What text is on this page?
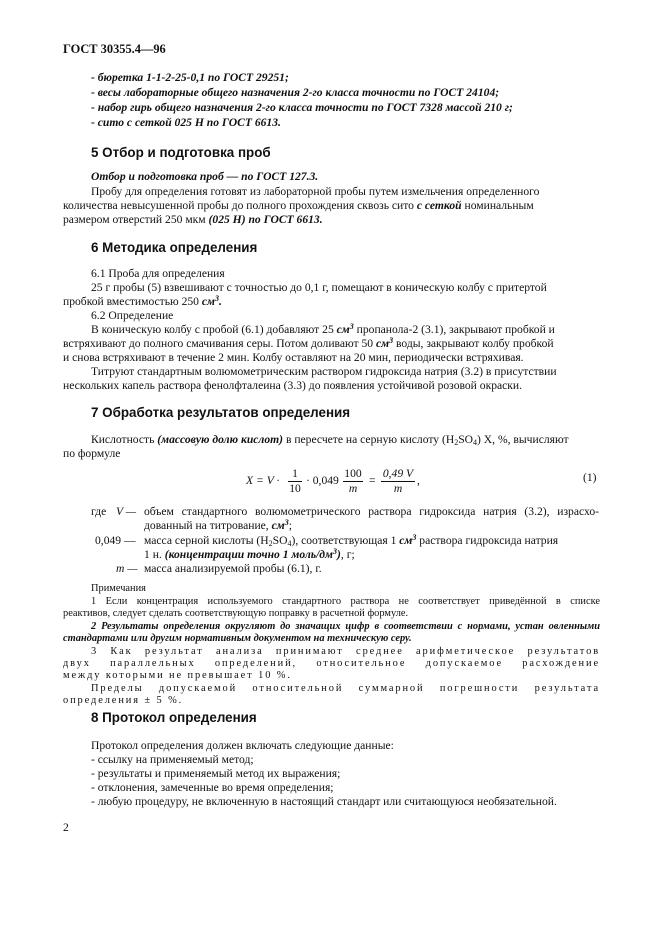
ГОСТ 30355.4—96
- бюретка 1-1-2-25-0,1 по ГОСТ 29251;
- весы лабораторные общего назначения 2-го класса точности по ГОСТ 24104;
- набор гирь общего назначения 2-го класса точности по ГОСТ 7328 массой 210 г;
- сито с сеткой 025 Н по ГОСТ 6613.
5 Отбор и подготовка проб
Отбор и подготовка проб — по ГОСТ 127.3.
Пробу для определения готовят из лабораторной пробы путем измельчения определенного
количества невысушенной пробы до полного прохождения сквозь сито с сеткой номинальным
размером отверстий 250 мкм (025 Н) по ГОСТ 6613.
6 Методика определения
6.1 Проба для определения
25 г пробы (5) взвешивают с точностью до 0,1 г, помещают в коническую колбу с притертой
пробкой вместимостью 250 $см^3$.
6.2 Определение
В коническую колбу с пробой (6.1) добавляют 25 $см^3$ пропанола-2 (3.1), закрывают пробкой и
встряхивают до полного смачивания серы. Потом доливают 50 $см^3$ воды, закрывают колбу пробкой
и снова встряхивают в течение 2 мин. Колбу оставляют на 20 мин, периодически встряхивая.
Титруют стандартным волюмометрическим раствором гидроксида натрия (3.2) в присутствии
нескольких капель раствора фенолфталеина (3.3) до появления устойчивой розовой окраски.
7 Обработка результатов определения
Кислотность (массовую долю кислот) в пересчете на серную кислоту $(H_2SO_4)$ X, %, вычисляют
по формуле
X = V ·
1
10
· 0,049
100
m
=
0,49 V
m
,	(1)
где V — объем стандартного волюмометрического раствора гидроксида натрия (3.2), израсхо-
дованный на титрование, $см^3$;
0,049 — масса серной кислоты $(H_2SO_4)$, соответствующая 1 $см^3$ раствора гидроксида натрия
1 н. (концентрации точно 1 моль/$дм^3$), г;
m — масса анализируемой пробы (6.1), г.
Примечания
1 Если концентрация используемого стандартного раствора не соответствует приведённой в списке
реактивов, следует сделать соответствующую поправку в расчетной формуле.
2 Результаты определения округляют до значащих цифр в соответствии с нормами, устан овленными
стандартами или другим нормативным документом на техническую серу.
3 Как результат анализа принимают среднее арифметическое результатов
двух параллельных определений, относительное допускаемое расхождение
между которыми не превышает 10 %.
Пределы допускаемой относительной суммарной погрешности результата
определения ± 5 %.
8 Протокол определения
Протокол определения должен включать следующие данные:
- ссылку на применяемый метод;
- результаты и применяемый метод их выражения;
- отклонения, замеченные во время определения;
- любую процедуру, не включенную в настоящий стандарт или считающуюся необязательной.
2
